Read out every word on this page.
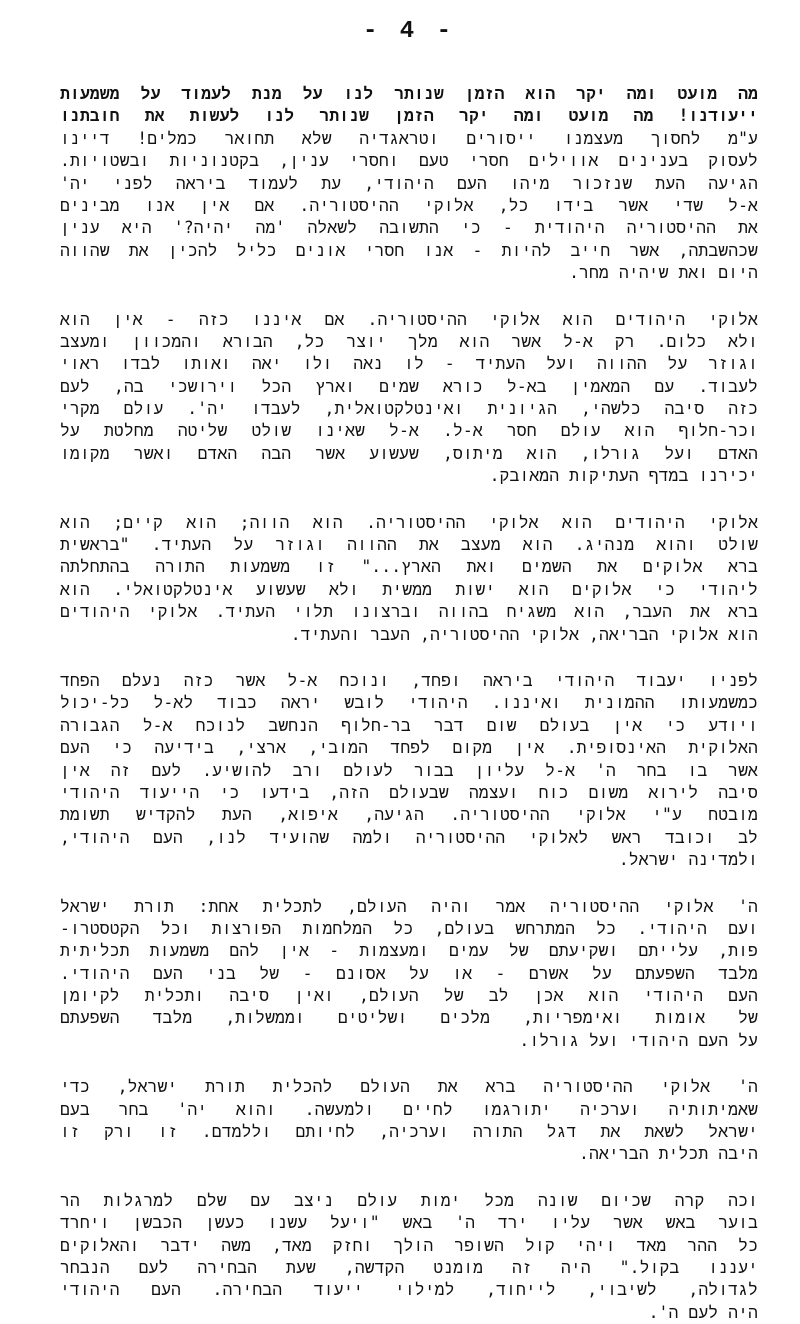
- 4 -
מה מועט ומה יקר הוא הזמן שנותר לנו על מנת לעמוד על משמעות
ייעודנו! מה מועט ומה יקר הזמן שנותר לנו לעשות את חובתנו
ע"מ לחסוך מעצמנו ייסורים וטראגדיה שלא תחואר כמלים! דיינו
לעסוק בענינים אווילים חסרי טעם וחסרי ענין, בקטנוניות ובשטויות.
הגיעה העת שנזכור מיהו העם היהודי, עת לעמוד ביראה לפני יה'
א-ל שדי אשר בידו כל, אלוקי ההיסטוריה. אם אין אנו מבינים
את ההיסטוריה היהודית - כי התשובה לשאלה 'מה יהיה?' היא ענין
שכהשבתה, אשר חייב להיות - אנו חסרי אונים כליל להכין את שהווה
היום ואת שיהיה מחר.
אלוקי היהודים הוא אלוקי ההיסטוריה. אם איננו כזה - אין הוא
ולא כלום. רק א-ל אשר הוא מלך יוצר כל, הבורא והמכוון ומעצב
וגוזר על ההווה ועל העתיד - לו נאה ולו יאה ואותו לבדו ראוי
לעבוד. עם המאמין בא-ל כורא שמים וארץ הכל וירושכי בה, לעם
כזה סיבה כלשהי, הגיונית ואינטלקטואלית, לעבדו יה'. עולם מקרי
וכר-חלוף הוא עולם חסר א-ל. א-ל שאינו שולט שליטה מחלטת על
האדם ועל גורלו, הוא מיתוס, שעשוע אשר הבה האדם ואשר מקומו
יכירנו במדף העתיקות המאובק.
אלוקי היהודים הוא אלוקי ההיסטוריה. הוא הווה; הוא קיים; הוא
שולט והוא מנהיג. הוא מעצב את ההווה וגוזר על העתיד. "בראשית
ברא אלוקים את השמים ואת הארץ..." זו משמעות התורה בהתחלתה
ליהודי כי אלוקים הוא ישות ממשית ולא שעשוע אינטלקטואלי. הוא
ברא את העבר, הוא משגיח בהווה וברצונו תלוי העתיד. אלוקי היהודים
הוא אלוקי הבריאה, אלוקי ההיסטוריה, העבר והעתיד.
לפניו יעבוד היהודי ביראה ופחד, ונוכח א-ל אשר כזה נעלם הפחד
כמשמעותו ההמונית ואיננו. היהודי לובש יראה כבוד לא-ל כל-יכול
ויודע כי אין בעולם שום דבר בר-חלוף הנחשב לנוכח א-ל הגבורה
האלוקית האינסופית. אין מקום לפחד המובי, ארצי, בידיעה כי העם
אשר בו בחר ה' א-ל עליון בבור לעולם ורב להושיע. לעם זה אין
סיבה לירוא משום כוח ועצמה שבעולם הזה, בידעו כי הייעוד היהודי
מובטח ע"י אלוקי ההיסטוריה. הגיעה, איפוא, העת להקדיש תשומת
לב וכובד ראש לאלוקי ההיסטוריה ולמה שהועיד לנו, העם היהודי,
ולמדינה ישראל.
ה' אלוקי ההיסטוריה אמר והיה העולם, לתכלית אחת: תורת ישראל
ועם היהודי. כל המתרחש בעולם, כל המלחמות הפורצות וכל הקטסטרו-
פות, עלייתם ושקיעתם של עמים ומעצמות - אין להם משמעות תכליתית
מלבד השפעתם על אשרם - או על אסונם - של בני העם היהודי.
העם היהודי הוא אכן לב של העולם, ואין סיבה ותכלית לקיומן
של אומות ואימפריות, מלכים ושליטים וממשלות, מלבד השפעתם
על העם היהודי ועל גורלו.
ה' אלוקי ההיסטוריה ברא את העולם להכלית תורת ישראל, כדי
שאמיתותיה וערכיה יתורגמו לחיים ולמעשה. והוא יה' בחר בעם
ישראל לשאת את דגל התורה וערכיה, לחיותם וללמדם. זו ורק זו
היבה תכלית הבריאה.
וכה קרה שכיום שונה מכל ימות עולם ניצב עם שלם למרגלות הר
בוער באש אשר עליו ירד ה' באש "ויעל עשנו כעשן הכבשן ויחרד
כל ההר מאד ויהי קול השופר הולך וחזק מאד, משה ידבר והאלוקים
יעננו בקול." היה זה מומנט הקדשה, שעת הבחירה לעם הנבחר
לגדולה, לשיבוי, לייחוד, למילוי ייעוד הבחירה. העם היהודי
היה לעם ה'.
